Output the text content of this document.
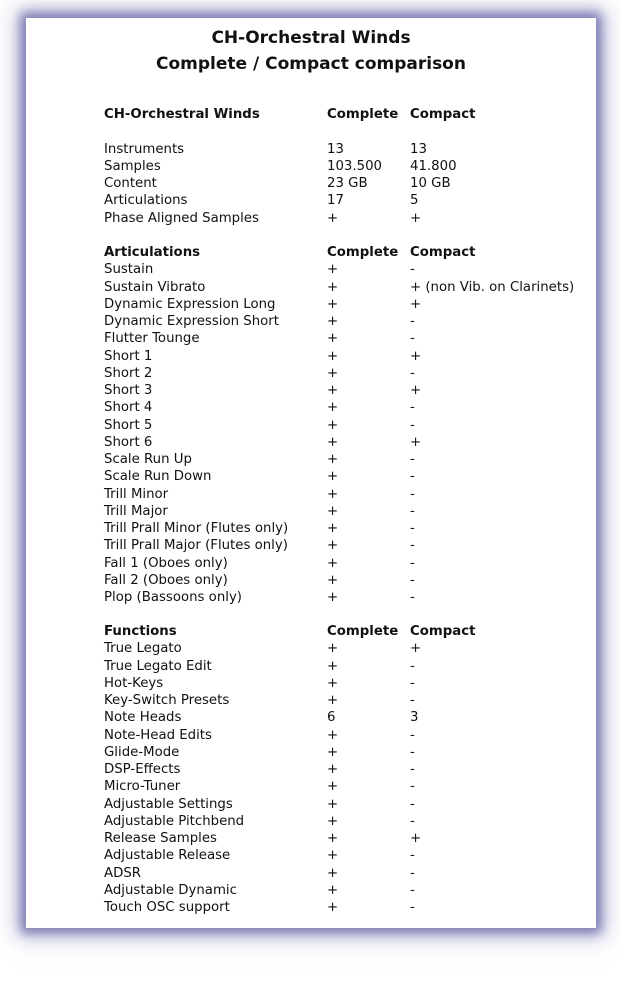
CH-Orchestral Winds
Complete / Compact comparison
CH-Orchestral Winds	Complete Compact
Instruments	13	13
Samples	103.500 41.800
Content	23 GB	10 GB
Articulations	17	5
Phase Aligned Samples	+	+
Articulations	Complete Compact
Sustain	+	-
Sustain Vibrato	+	+ (non Vib. on Clarinets)
Dynamic Expression Long	+	+
Dynamic Expression Short	+	-
Flutter Tounge	+	-
Short 1	+	+
Short 2	+	-
Short 3	+	+
Short 4	+	-
Short 5	+	-
Short 6	+	+
Scale Run Up	+	-
Scale Run Down	+	-
Trill Minor	+	-
Trill Major	+	-
Trill Prall Minor (Flutes only)	+	-
Trill Prall Major (Flutes only)	+	-
Fall 1 (Oboes only)	+	-
Fall 2 (Oboes only)	+	-
Plop (Bassoons only)	+	-
Functions	Complete Compact
True Legato	+	+
True Legato Edit	+	-
Hot-Keys	+	-
Key-Switch Presets	+	-
Note Heads	6	3
Note-Head Edits	+	-
Glide-Mode	+	-
DSP-Effects	+	-
Micro-Tuner	+	-
Adjustable Settings	+	-
Adjustable Pitchbend	+	-
Release Samples	+	+
Adjustable Release	+	-
ADSR	+	-
Adjustable Dynamic	+	-
Touch OSC support	+	-
